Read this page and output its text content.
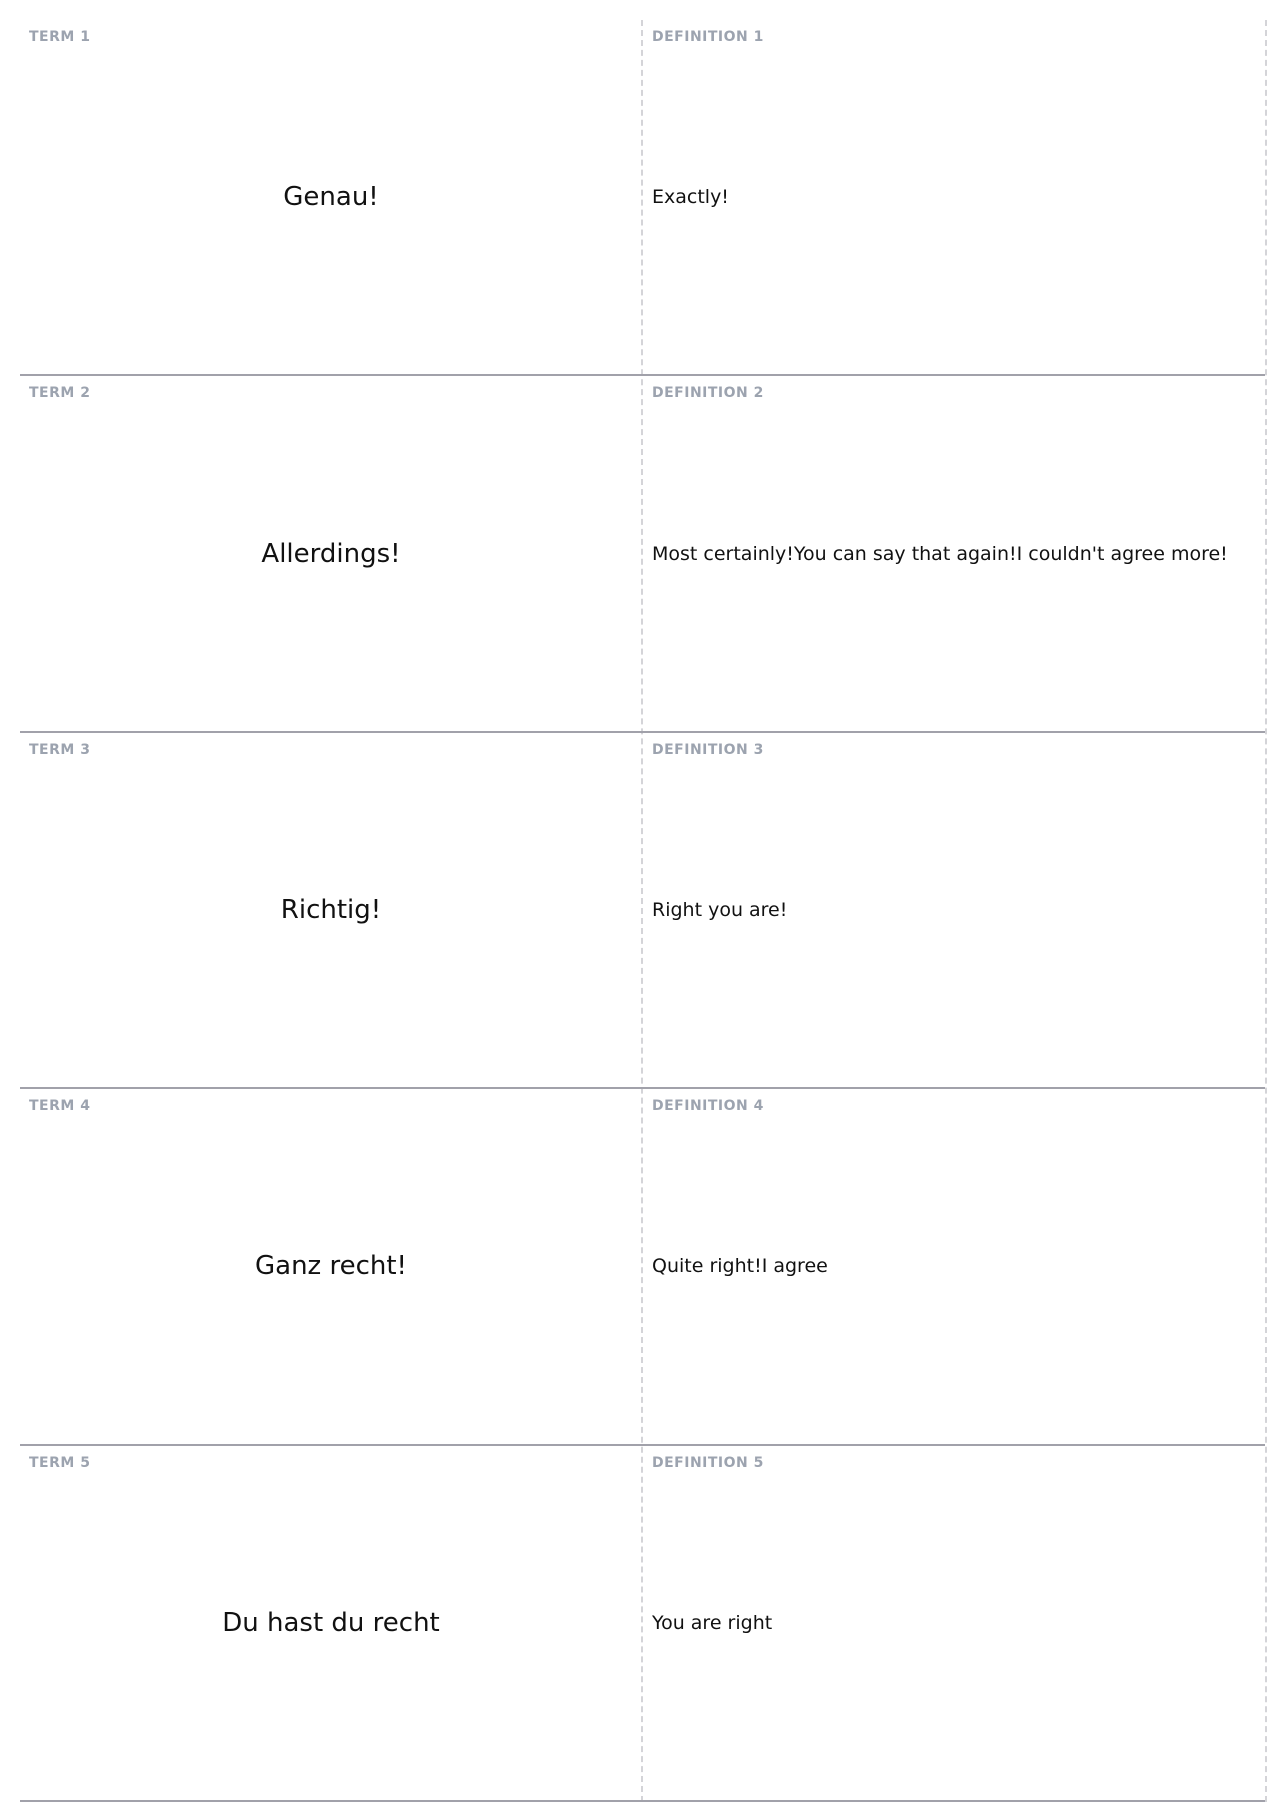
TERM 1
Genau!
DEFINITION 1
Exactly!
TERM 2
Allerdings!
DEFINITION 2
Most certainly!You can say that again!I couldn't agree more!
TERM 3
Richtig!
DEFINITION 3
Right you are!
TERM 4
Ganz recht!
DEFINITION 4
Quite right!I agree
TERM 5
Du hast du recht
DEFINITION 5
You are right
